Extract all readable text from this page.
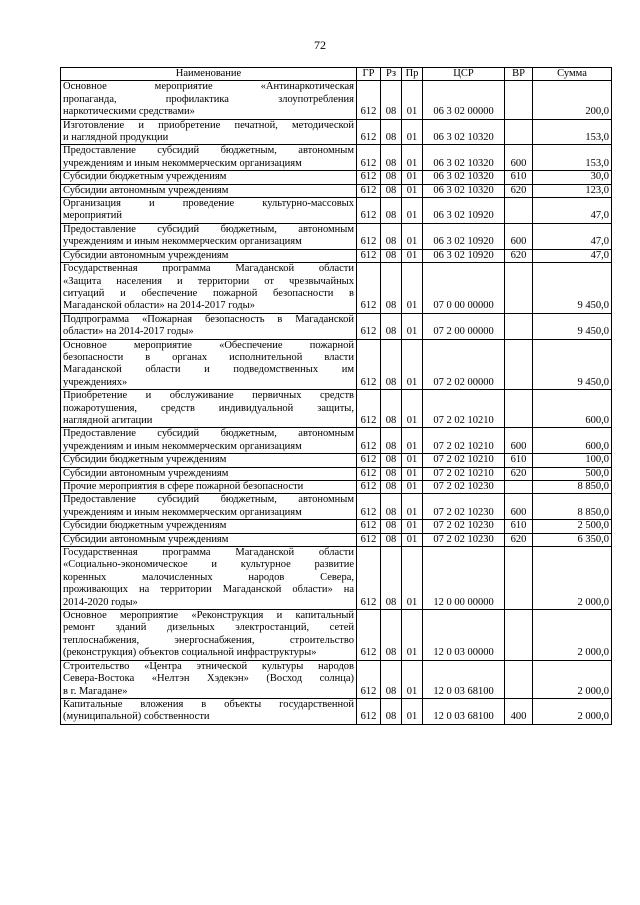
72
Наименование	ГР	Рз	Пр	ЦСР	ВР	Сумма

Основное мероприятие «Антинаркотическая
пропаганда, профилактика злоупотребления
наркотическими средствами»	612	08	01	06 3 02 00000		200,0

Изготовление и приобретение печатной, методической
и наглядной продукции	612	08	01	06 3 02 10320		153,0

Предоставление субсидий бюджетным, автономным
учреждениям и иным некоммерческим организациям	612	08	01	06 3 02 10320	600	153,0

Субсидии бюджетным учреждениям	612	08	01	06 3 02 10320	610	30,0

Субсидии автономным учреждениям	612	08	01	06 3 02 10320	620	123,0

Организация и проведение культурно-массовых
мероприятий	612	08	01	06 3 02 10920		47,0

Предоставление субсидий бюджетным, автономным
учреждениям и иным некоммерческим организациям	612	08	01	06 3 02 10920	600	47,0

Субсидии автономным учреждениям	612	08	01	06 3 02 10920	620	47,0

Государственная программа Магаданской области
«Защита населения и территории от чрезвычайных
ситуаций и обеспечение пожарной безопасности в
Магаданской области» на 2014-2017 годы»	612	08	01	07 0 00 00000		9 450,0

Подпрограмма «Пожарная безопасность в Магаданской
области» на 2014-2017 годы»	612	08	01	07 2 00 00000		9 450,0

Основное мероприятие «Обеспечение пожарной
безопасности в органах исполнительной власти
Магаданской области и подведомственных им
учреждениях»	612	08	01	07 2 02 00000		9 450,0

Приобретение и обслуживание первичных средств
пожаротушения, средств индивидуальной защиты,
наглядной агитации	612	08	01	07 2 02 10210		600,0

Предоставление субсидий бюджетным, автономным
учреждениям и иным некоммерческим организациям	612	08	01	07 2 02 10210	600	600,0

Субсидии бюджетным учреждениям	612	08	01	07 2 02 10210	610	100,0

Субсидии автономным учреждениям	612	08	01	07 2 02 10210	620	500,0

Прочие мероприятия в сфере пожарной безопасности	612	08	01	07 2 02 10230		8 850,0

Предоставление субсидий бюджетным, автономным
учреждениям и иным некоммерческим организациям	612	08	01	07 2 02 10230	600	8 850,0

Субсидии бюджетным учреждениям	612	08	01	07 2 02 10230	610	2 500,0

Субсидии автономным учреждениям	612	08	01	07 2 02 10230	620	6 350,0

Государственная программа Магаданской области
«Социально-экономическое и культурное развитие
коренных малочисленных народов Севера,
проживающих на территории Магаданской области» на
2014-2020 годы»	612	08	01	12 0 00 00000		2 000,0

Основное мероприятие «Реконструкция и капитальный
ремонт зданий дизельных электростанций, сетей
теплоснабжения, энергоснабжения, строительство
(реконструкция) объектов социальной инфраструктуры»	612	08	01	12 0 03 00000		2 000,0

Строительство «Центра этнической культуры народов
Севера-Востока «Нелтэн Хэдекэн» (Восход солнца)
в г. Магадане»	612	08	01	12 0 03 68100		2 000,0

Капитальные вложения в объекты государственной
(муниципальной) собственности	612	08	01	12 0 03 68100	400	2 000,0
